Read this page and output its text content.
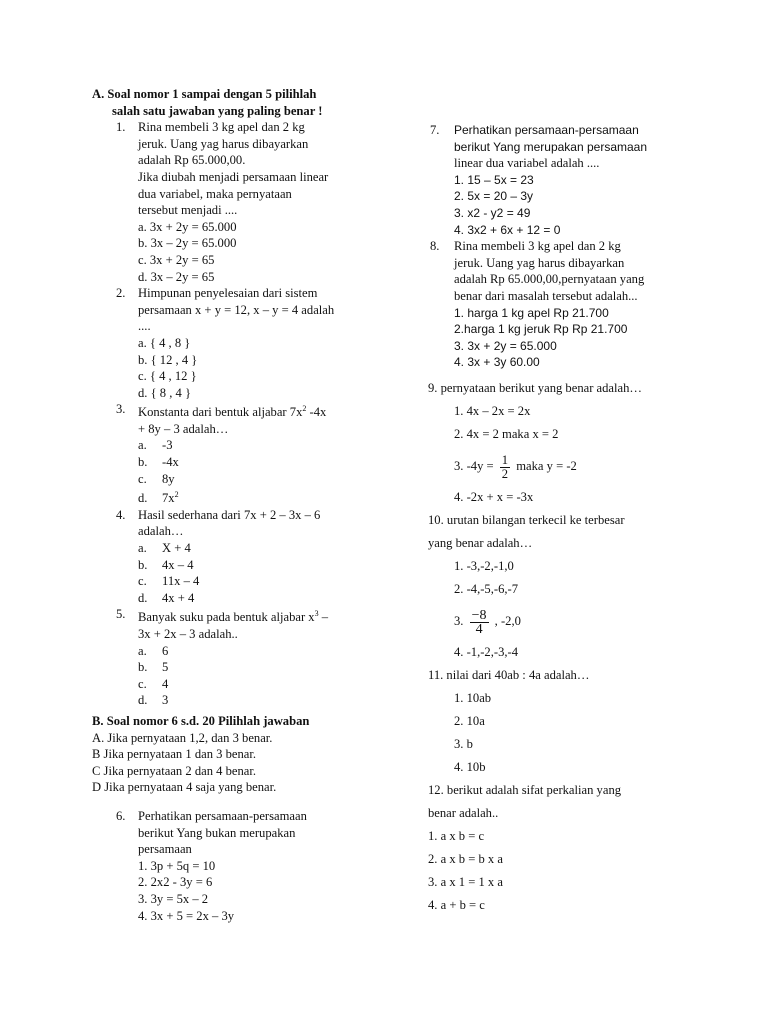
A. Soal nomor 1 sampai dengan 5 pilihlah
salah satu jawaban yang paling benar !
1. Rina membeli 3 kg apel dan 2 kg
jeruk. Uang yag harus dibayarkan
adalah Rp 65.000,00.
Jika diubah menjadi persamaan linear
dua variabel, maka pernyataan
tersebut menjadi ....
a. 3x + 2y = 65.000
b. 3x – 2y = 65.000
c. 3x + 2y = 65
d. 3x – 2y = 65
2. Himpunan penyelesaian dari sistem
persamaan x + y = 12, x – y = 4 adalah
....
a. { 4 , 8 }
b. { 12 , 4 }
c. { 4 , 12 }
d. { 8 , 4 }
3. Konstanta dari bentuk aljabar $7x^2$ -4x
+ 8y – 3 adalah…
a. -3
b. -4x
c. 8y
d. $7x^2$
4. Hasil sederhana dari 7x + 2 – 3x – 6
adalah…
a. X + 4
b. 4x – 4
c. 11x – 4
d. 4x + 4
5. Banyak suku pada bentuk aljabar $x^3$ –
3x + 2x – 3 adalah..
a. 6
b. 5
c. 4
d. 3
B. Soal nomor 6 s.d. 20 Pilihlah jawaban
A. Jika pernyataan 1,2, dan 3 benar.
B Jika pernyataan 1 dan 3 benar.
C Jika pernyataan 2 dan 4 benar.
D Jika pernyataan 4 saja yang benar.
6. Perhatikan persamaan-persamaan
berikut Yang bukan merupakan
persamaan
1. 3p + 5q = 10
2. 2x2 - 3y = 6
3. 3y = 5x – 2
4. 3x + 5 = 2x – 3y
7. Perhatikan persamaan-persamaan
berikut Yang merupakan persamaan
linear dua variabel adalah ....
1. 15 – 5x = 23
2. 5x = 20 – 3y
3. x2 - y2 = 49
4. 3x2 + 6x + 12 = 0
8. Rina membeli 3 kg apel dan 2 kg
jeruk. Uang yag harus dibayarkan
adalah Rp 65.000,00,pernyataan yang
benar dari masalah tersebut adalah...
1. harga 1 kg apel Rp 21.700
2.harga 1 kg jeruk Rp Rp 21.700
3. 3x + 2y = 65.000
4. 3x + 3y 60.00
9. pernyataan berikut yang benar adalah…
1. 4x – 2x = 2x
2. 4x = 2 maka x = 2
3. $-4y = \frac{1}{2}$ maka y = -2
4. -2x + x = -3x
10. urutan bilangan terkecil ke terbesar
yang benar adalah…
1. -3,-2,-1,0
2. -4,-5,-6,-7
3. $\frac{-8}{4}$ , -2,0
4. -1,-2,-3,-4
11. nilai dari 40ab : 4a adalah…
1. 10ab
2. 10a
3. b
4. 10b
12. berikut adalah sifat perkalian yang
benar adalah..
1. a x b = c
2. a x b = b x a
3. a x 1 = 1 x a
4. a + b = c
